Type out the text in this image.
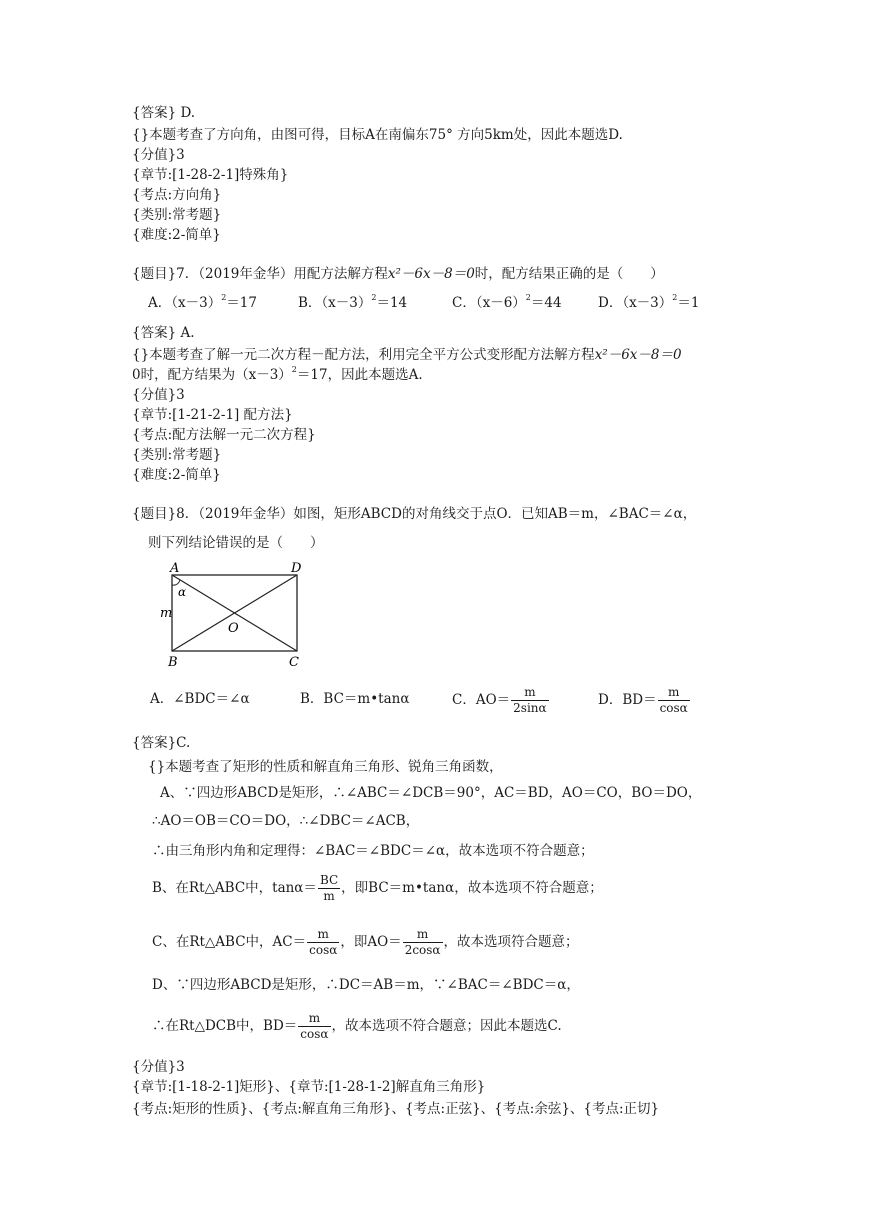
{答案} D.
{}本题考查了方向角，由图可得，目标A在南偏东75° 方向5km处，因此本题选D.
{分值}3
{章节:[1-28-2-1]特殊角}
{考点:方向角}
{类别:常考题}
{难度:2-简单}
{题目}7．（2019年金华）用配方法解方程x²－6x－8＝0时，配方结果正确的是（　　）
A．$(x-3)^2=17$	B．$(x-3)^2=14$	C．$(x-6)^2=44$	D．$(x-3)^2=1$
{答案} A.
{}本题考查了解一元二次方程－配方法，利用完全平方公式变形配方法解方程x²－6x－8＝0
0时，配方结果为$(x-3)^2=17$，因此本题选A.
{分值}3
{章节:[1-21-2-1] 配方法}
{考点:配方法解一元二次方程}
{类别:常考题}
{难度:2-简单}
{题目}8．（2019年金华）如图，矩形ABCD的对角线交于点O．已知AB＝m，∠BAC＝∠α，
则下列结论错误的是（　　）
A	D
B	C
O
m
α
A．∠BDC＝∠α	B．BC＝m•tanα	C．$AO= \frac{m}{2\sin\alpha}$	D．$BD= \frac{m}{\cos\alpha}$
{答案}C.
{}本题考查了矩形的性质和解直角三角形、锐角三角函数，
A、∵四边形ABCD是矩形，∴∠ABC＝∠DCB＝90°，AC＝BD，AO＝CO，BO＝DO，
∴AO＝OB＝CO＝DO，∴∠DBC＝∠ACB，
∴由三角形内角和定理得：∠BAC＝∠BDC＝∠α，故本选项不符合题意；
B、在Rt△ABC中，$\tan\alpha= \frac{BC}{m}$ ，即BC＝m•tanα，故本选项不符合题意；
C、在Rt△ABC中，$AC= \frac{m}{\cos\alpha}$ ，即$AO= \frac{m}{2\cos\alpha}$ ，故本选项符合题意；
D、∵四边形ABCD是矩形，∴DC＝AB＝m，∵∠BAC＝∠BDC＝α，
∴在Rt△DCB中，$BD= \frac{m}{\cos\alpha}$ ，故本选项不符合题意；因此本题选C.
{分值}3
{章节:[1-18-2-1]矩形}、{章节:[1-28-1-2]解直角三角形}
{考点:矩形的性质}、{考点:解直角三角形}、{考点:正弦}、{考点:余弦}、{考点:正切}
